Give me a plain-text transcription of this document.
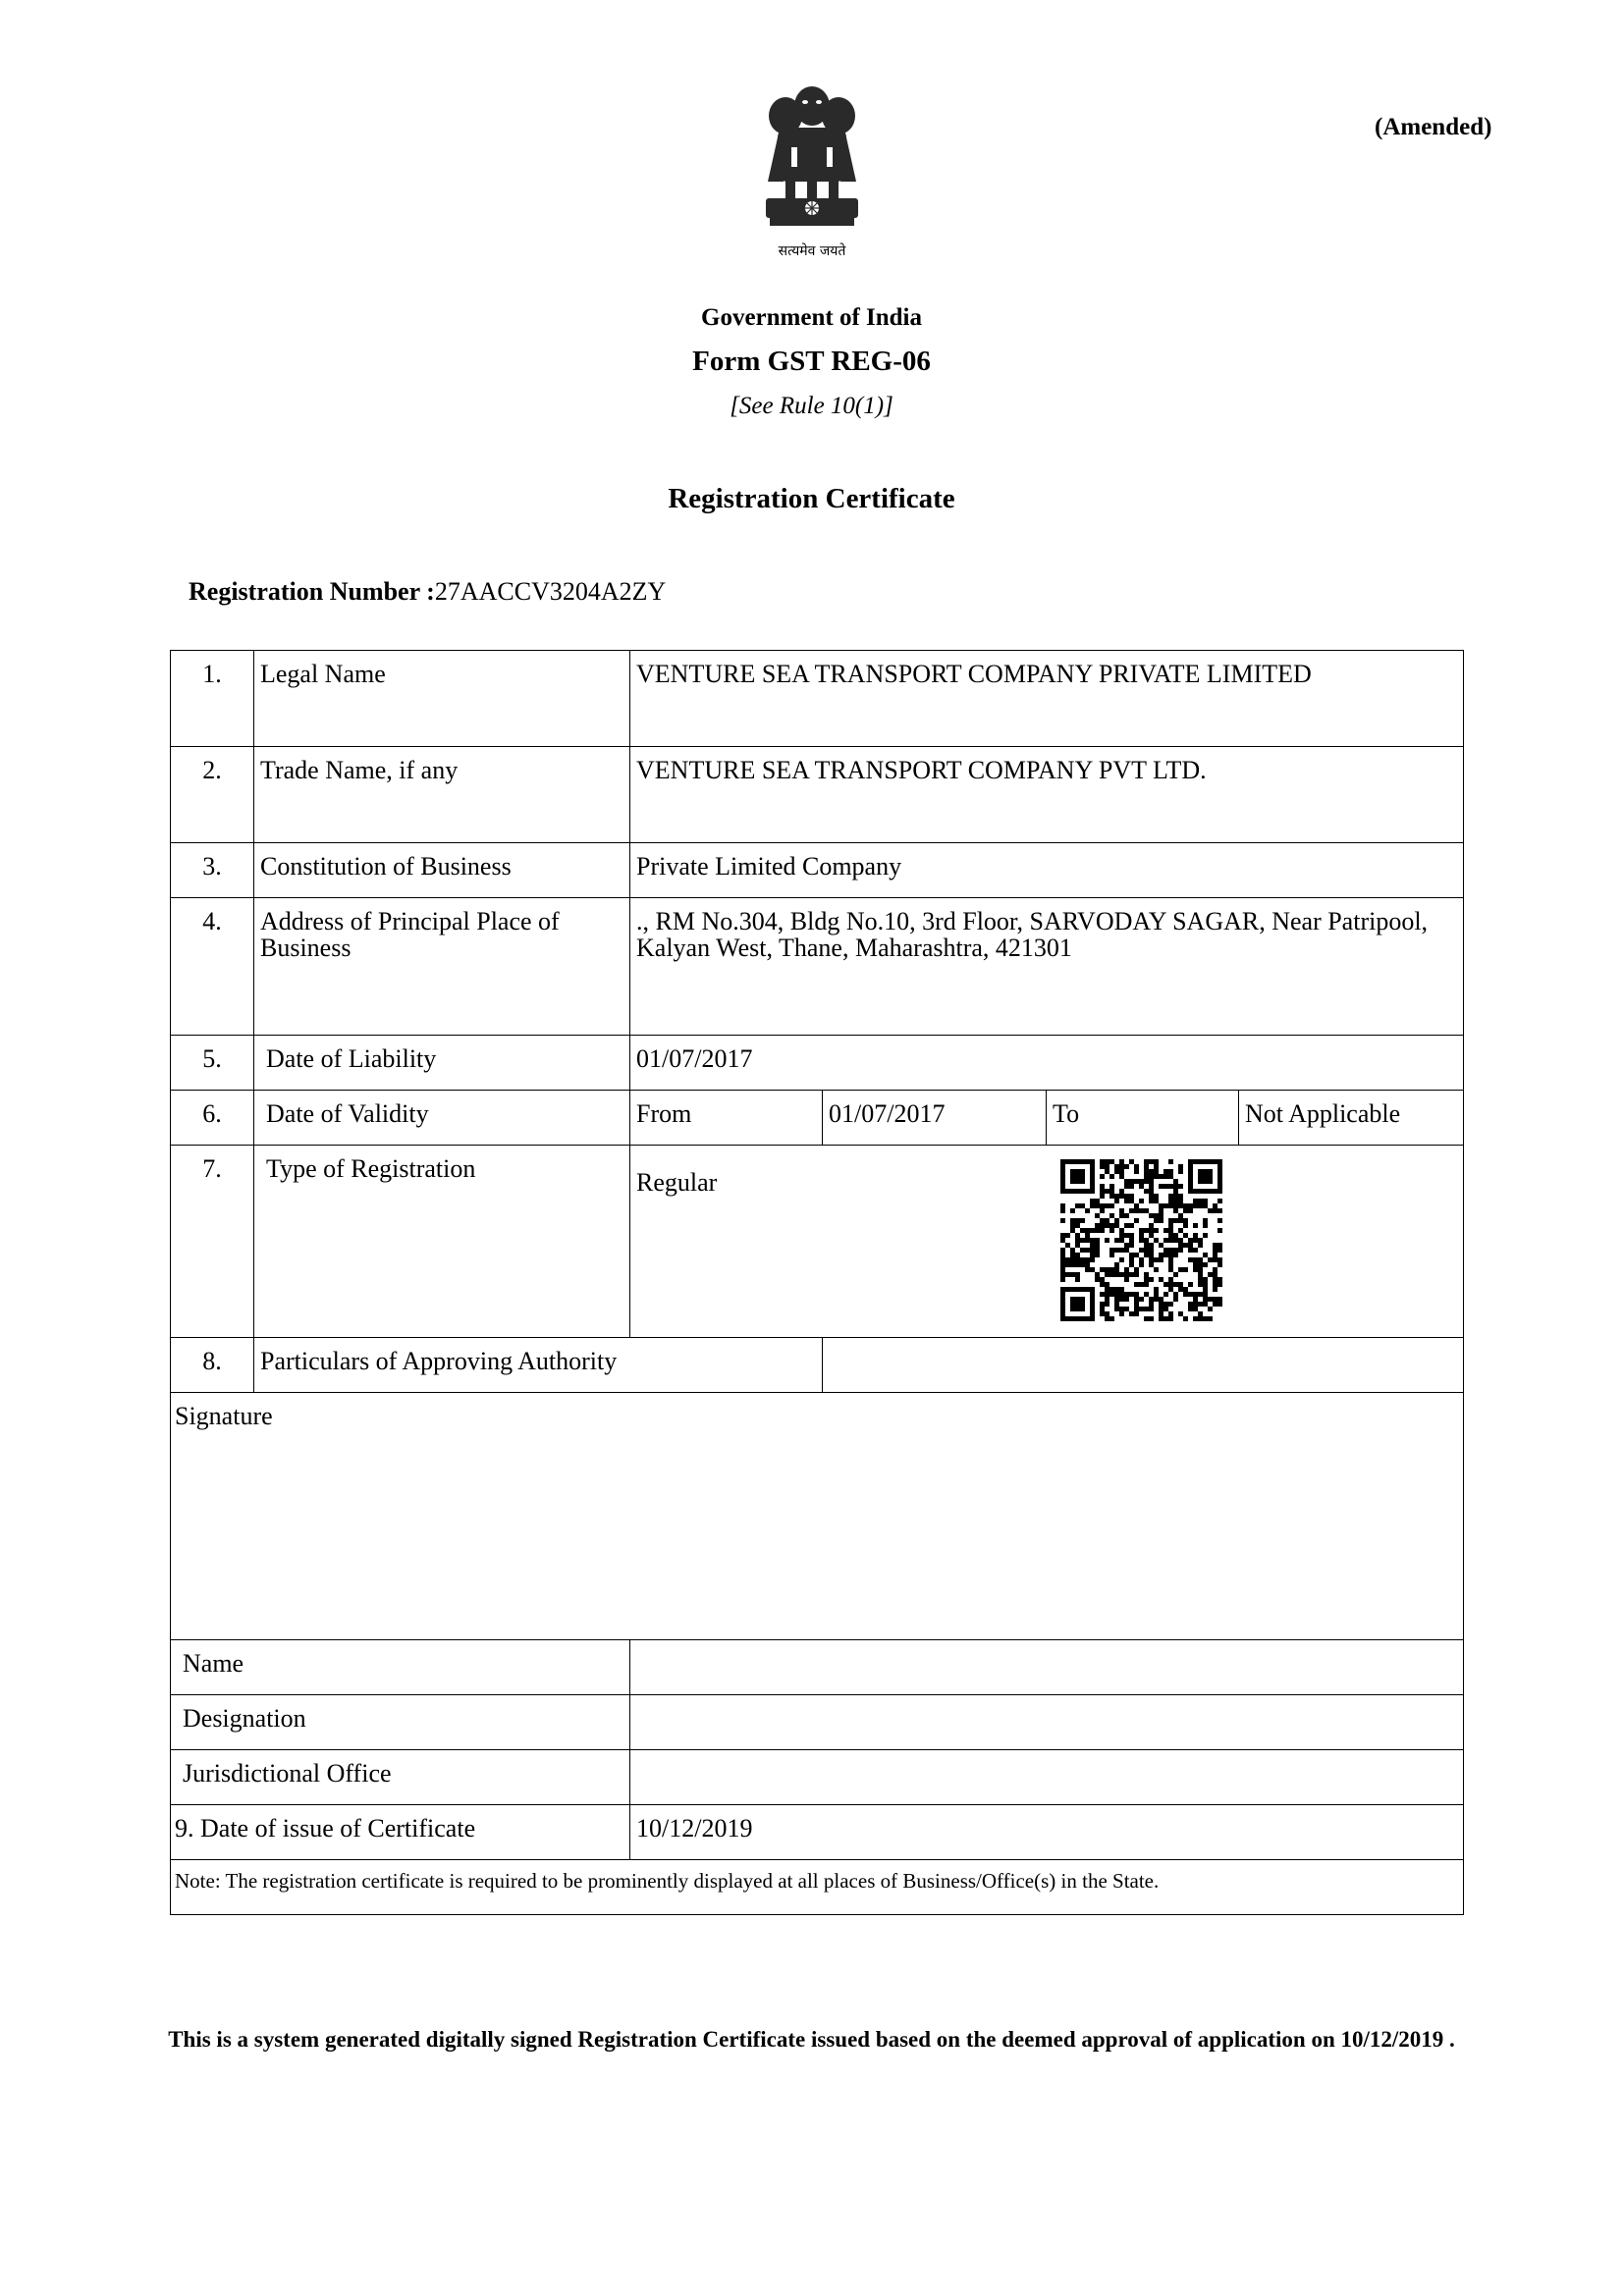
(Amended)
सत्यमेव जयते
Government of India
Form GST REG-06
[See Rule 10(1)]
Registration Certificate
Registration Number :27AACCV3204A2ZY
1.	Legal Name	VENTURE SEA TRANSPORT COMPANY PRIVATE LIMITED			
2.	Trade Name, if any	VENTURE SEA TRANSPORT COMPANY PVT LTD.			
3.	Constitution of Business	Private Limited Company			
4.	Address of Principal Place of Business	., RM No.304, Bldg No.10, 3rd Floor, SARVODAY SAGAR, Near Patripool, Kalyan West, Thane, Maharashtra, 421301			
5.	Date of Liability	01/07/2017			
6.	Date of Validity	From	01/07/2017	To	Not Applicable
7.	Type of Registration	Regular			

8.	Particulars of Approving Authority				
Signature					
Name					
Designation					
Jurisdictional Office					
9. Date of issue of Certificate		10/12/2019			
Note: The registration certificate is required to be prominently displayed at all places of Business/Office(s) in the State.					
This is a system generated digitally signed Registration Certificate issued based on the deemed approval of application on 10/12/2019 .
